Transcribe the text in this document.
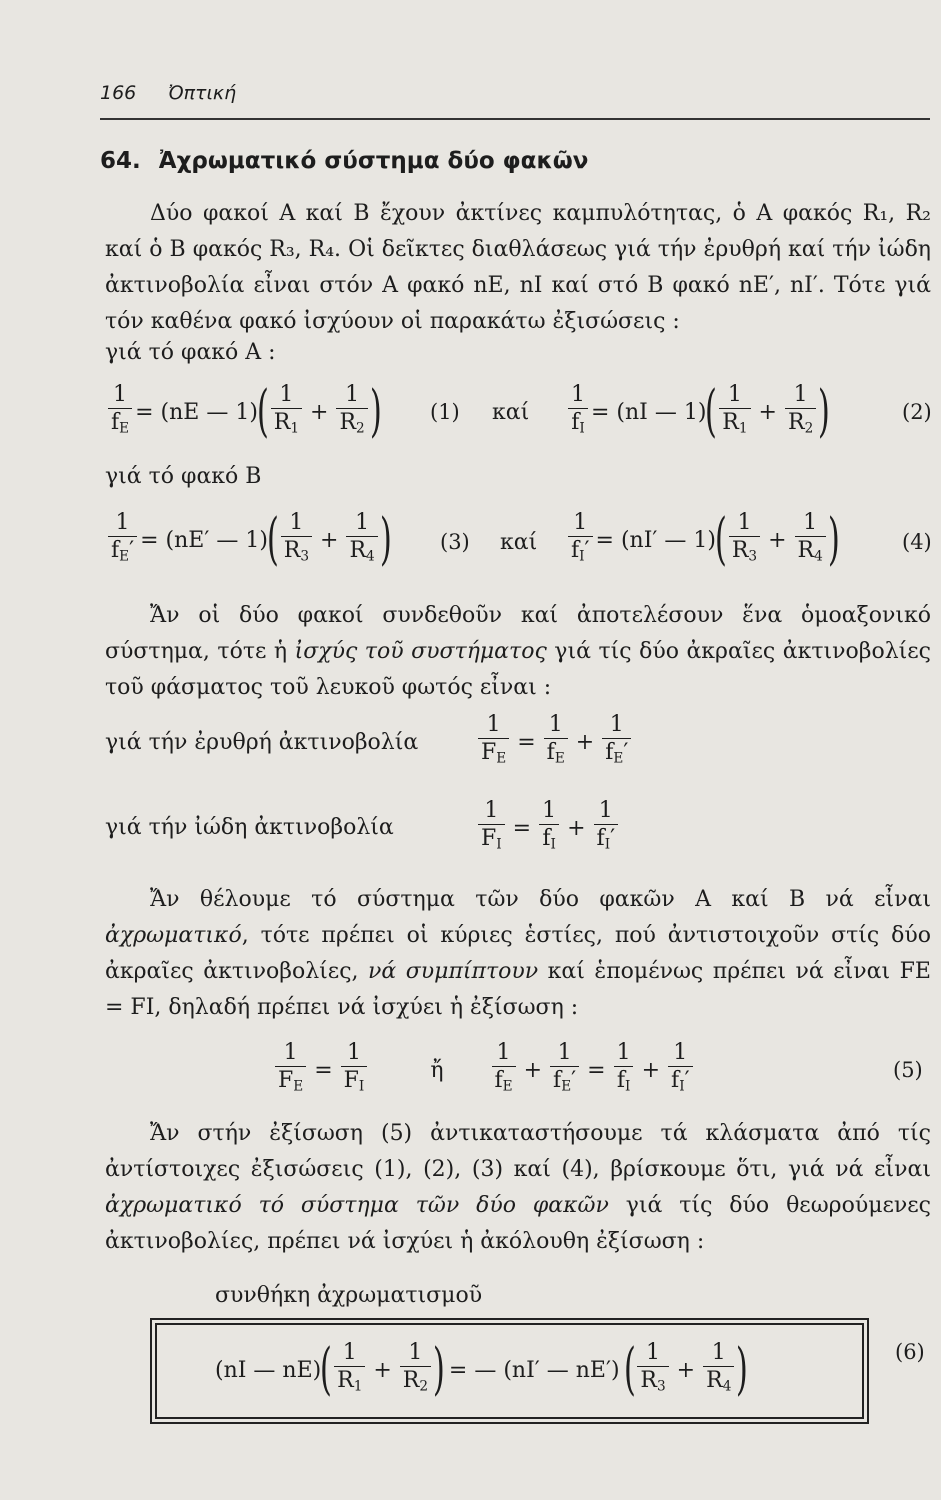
166 Ὀπτική
64. Ἀχρωματικό σύστημα δύο φακῶν
Δύο φακοί Α καί Β ἔχουν ἀκτίνες καμπυλότητας, ὁ Α φακός R₁, R₂ καί ὁ Β φακός R₃, R₄. Οἱ δεῖκτες διαθλάσεως γιά τήν ἐρυθρή καί τήν ἰώδη ἀκτινοβολία εἶναι στόν Α φακό nE, nI καί στό Β φακό nE′, nI′. Τότε γιά τόν καθένα φακό ἰσχύουν οἱ παρακάτω ἐξισώσεις :
γιά τό φακό Α :
$\frac{1}{f_E} = (nE$ — 1)
( $\frac{1}{R_1} + \frac{1}{R_2}$ ) (1) καί $\frac{1}{f_I} = (nI$ — 1)
( $\frac{1}{R_1} + \frac{1}{R_2}$ )	(2)
γιά τό φακό Β
$\frac{1}{f_E'} = (nE'$ — 1)
( $\frac{1}{R_3} + \frac{1}{R_4}$ ) (3) καί $\frac{1}{f_I'} = (nI'$ — 1)
( $\frac{1}{R_3} + \frac{1}{R_4}$ )	(4)
Ἄν οἱ δύο φακοί συνδεθοῦν καί ἀποτελέσουν ἕνα ὁμοαξονικό σύστημα, τότε ἡ ἰσχύς τοῦ συστήματος γιά τίς δύο ἀκραῖες ἀκτινοβολίες τοῦ φάσματος τοῦ λευκοῦ φωτός εἶναι :
γιά τήν ἐρυθρή ἀκτινοβολία	$\frac{1}{F_E} = \frac{1}{f_E} + \frac{1}{f_E'}$
γιά τήν ἰώδη ἀκτινοβολία	$\frac{1}{F_I} = \frac{1}{f_I} + \frac{1}{f_I'}$
Ἄν θέλουμε τό σύστημα τῶν δύο φακῶν Α καί Β νά εἶναι ἀχρωματικό, τότε πρέπει οἱ κύριες ἑστίες, πού ἀντιστοιχοῦν στίς δύο ἀκραῖες ἀκτινοβολίες, νά συμπίπτουν καί ἑπομένως πρέπει νά εἶναι FE = FI, δηλαδή πρέπει νά ἰσχύει ἡ ἐξίσωση :
$\frac{1}{F_E} = \frac{1}{F_I}$	ἤ $\frac{1}{f_E} + \frac{1}{f_E'} = \frac{1}{f_I} + \frac{1}{f_I'}$	(5)
Ἄν στήν ἐξίσωση (5) ἀντικαταστήσουμε τά κλάσματα ἀπό τίς ἀντίστοιχες ἐξισώσεις (1), (2), (3) καί (4), βρίσκουμε ὅτι, γιά νά εἶναι ἀχρωματικό τό σύστημα τῶν δύο φακῶν γιά τίς δύο θεωρούμενες ἀκτινοβολίες, πρέπει νά ἰσχύει ἡ ἀκόλουθη ἐξίσωση :
συνθήκη ἀχρωματισμοῦ
(nI — nE)
( $\frac{1}{R_1} + \frac{1}{R_2}$ ) = — (nI′ — nE′) ( $\frac{1}{R_3} + \frac{1}{R_4}$ )	(6)
